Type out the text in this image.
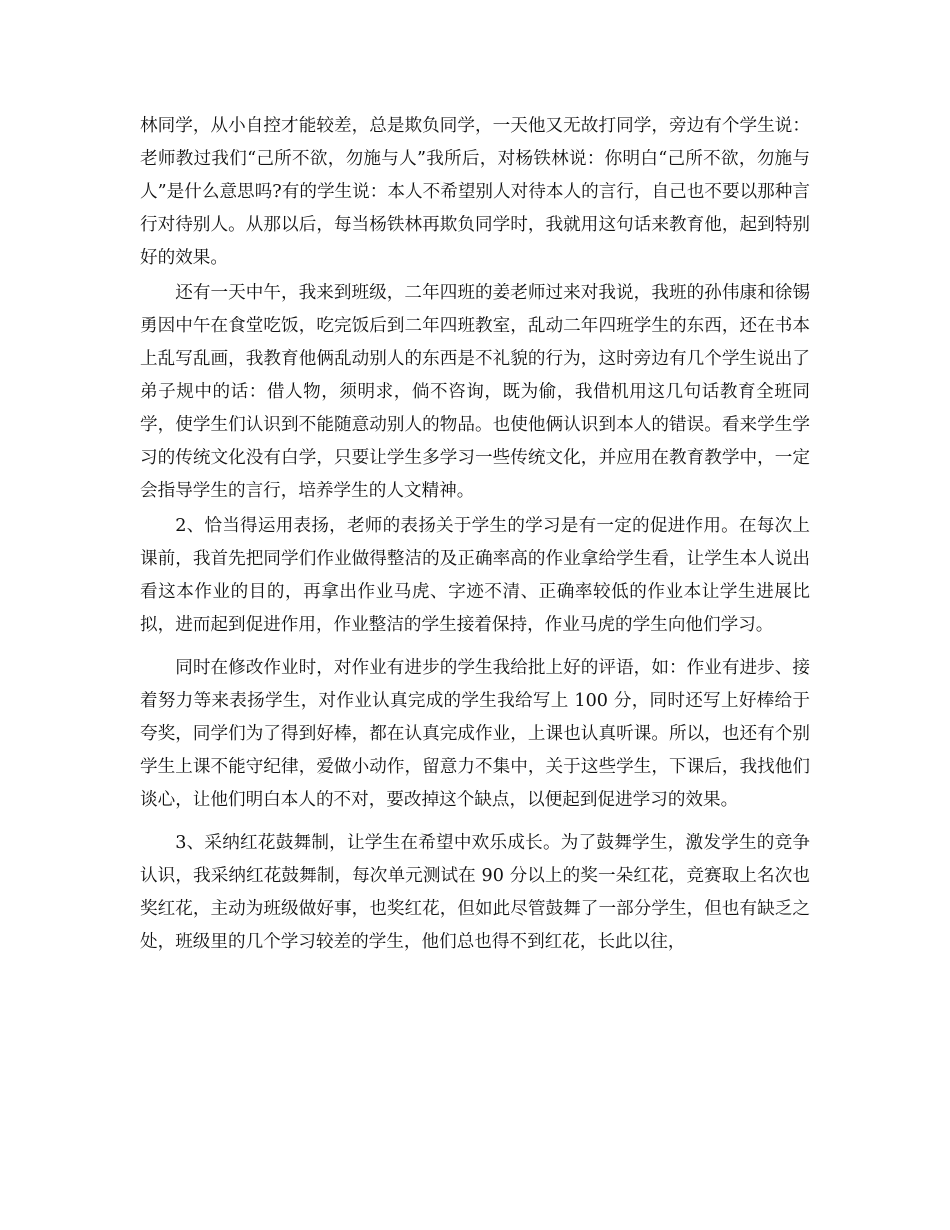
林同学，从小自控才能较差，总是欺负同学，一天他又无故打同学，旁边有个学生说：老师教过我们“己所不欲，勿施与人”我所后，对杨铁林说：你明白“己所不欲，勿施与人”是什么意思吗?有的学生说：本人不希望别人对待本人的言行，自己也不要以那种言行对待别人。从那以后，每当杨铁林再欺负同学时，我就用这句话来教育他，起到特别好的效果。

还有一天中午，我来到班级，二年四班的姜老师过来对我说，我班的孙伟康和徐锡勇因中午在食堂吃饭，吃完饭后到二年四班教室，乱动二年四班学生的东西，还在书本上乱写乱画，我教育他俩乱动别人的东西是不礼貌的行为，这时旁边有几个学生说出了弟子规中的话：借人物，须明求，倘不咨询，既为偷，我借机用这几句话教育全班同学，使学生们认识到不能随意动别人的物品。也使他俩认识到本人的错误。看来学生学习的传统文化没有白学，只要让学生多学习一些传统文化，并应用在教育教学中，一定会指导学生的言行，培养学生的人文精神。

2、恰当得运用表扬，老师的表扬关于学生的学习是有一定的促进作用。在每次上课前，我首先把同学们作业做得整洁的及正确率高的作业拿给学生看，让学生本人说出看这本作业的目的，再拿出作业马虎、字迹不清、正确率较低的作业本让学生进展比拟，进而起到促进作用，作业整洁的学生接着保持，作业马虎的学生向他们学习。

同时在修改作业时，对作业有进步的学生我给批上好的评语，如：作业有进步、接着努力等来表扬学生，对作业认真完成的学生我给写上 100 分，同时还写上好棒给于夸奖，同学们为了得到好棒，都在认真完成作业，上课也认真听课。所以，也还有个别学生上课不能守纪律，爱做小动作，留意力不集中，关于这些学生，下课后，我找他们谈心，让他们明白本人的不对，要改掉这个缺点，以便起到促进学习的效果。

3、采纳红花鼓舞制，让学生在希望中欢乐成长。为了鼓舞学生，激发学生的竞争认识，我采纳红花鼓舞制，每次单元测试在 90 分以上的奖一朵红花，竞赛取上名次也奖红花，主动为班级做好事，也奖红花，但如此尽管鼓舞了一部分学生，但也有缺乏之处，班级里的几个学习较差的学生，他们总也得不到红花，长此以往，
